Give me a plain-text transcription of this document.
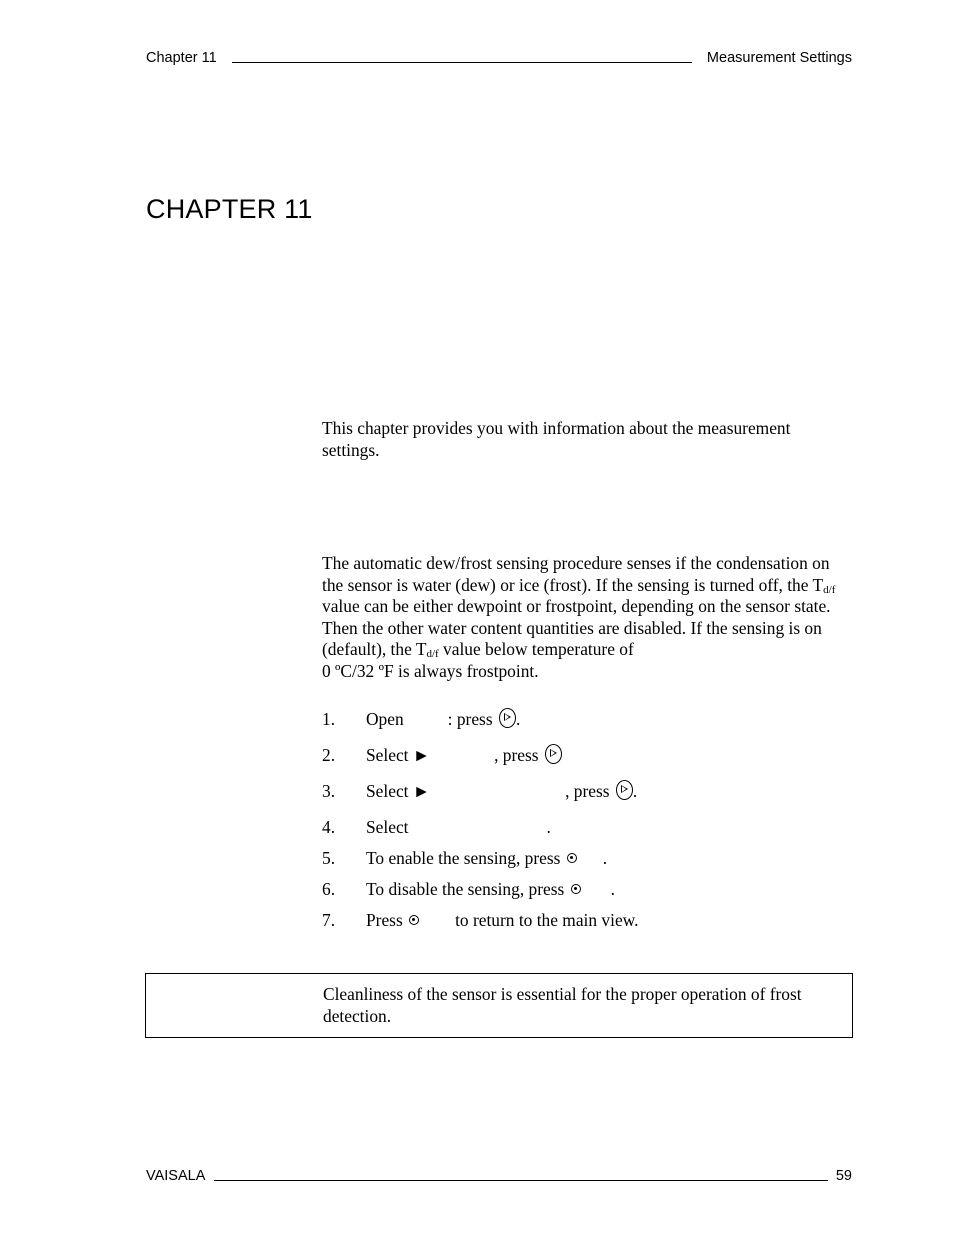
Chapter 11	Measurement Settings
CHAPTER 11
This chapter provides you with information about the measurement settings.
The automatic dew/frost sensing procedure senses if the condensation on the sensor is water (dew) or ice (frost). If the sensing is turned off, the $T_{d/f}$ value can be either dewpoint or frostpoint, depending on the sensor state. Then the other water content quantities are disabled. If the sensing is on (default), the $T_{d/f}$ value below temperature of
0 ºC/32 ºF is always frostpoint.
1.	Open	: press .
2.	Select ►	, press
3.	Select ►	, press .
4.	Select	.
5.	To enable the sensing, press .
6.	To disable the sensing, press	.
7.	Press	to return to the main view.
Cleanliness of the sensor is essential for the proper operation of frost detection.
VAISALA	59
